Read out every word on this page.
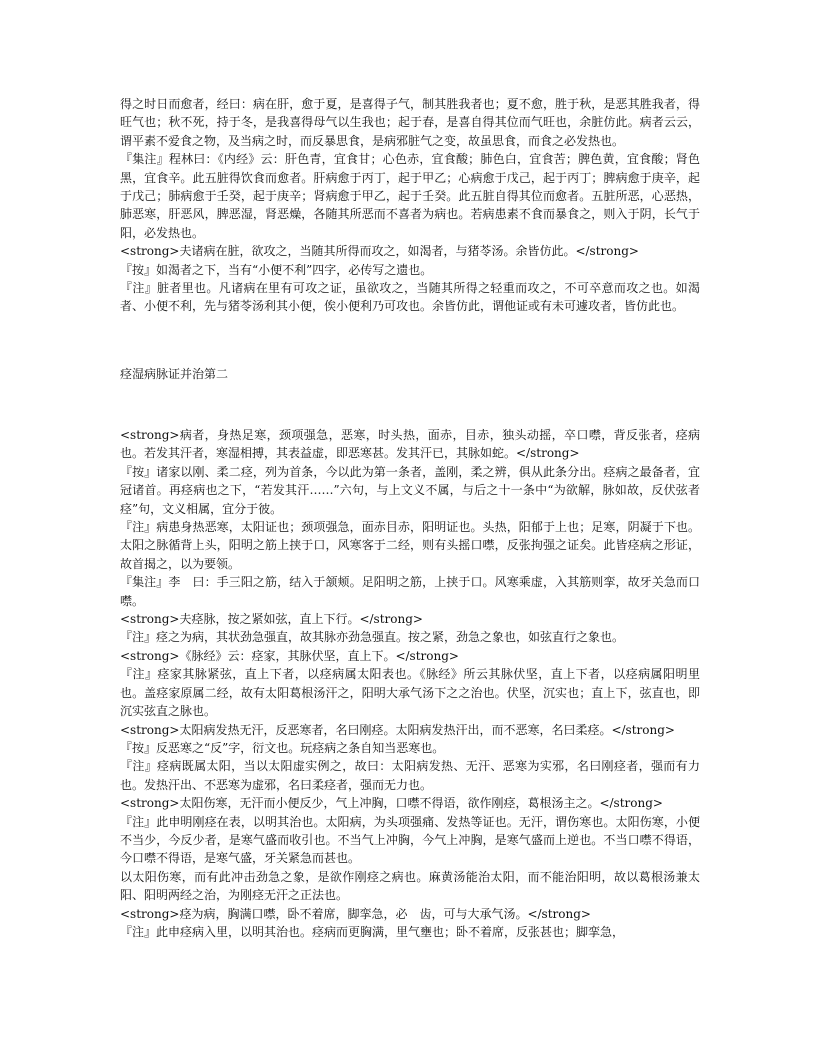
得之时日而愈者，经曰：病在肝，愈于夏，是喜得子气，制其胜我者也；夏不愈，胜于秋，是恶其胜我者，得旺气也；秋不死，持于冬，是我喜得母气以生我也；起于春，是喜自得其位而气旺也，余脏仿此。病者云云，谓平素不爱食之物，及当病之时，而反暴思食，是病邪脏气之变，故虽思食，而食之必发热也。

『集注』程林曰：《内经》云：肝色青，宜食甘；心色赤，宜食酸；肺色白，宜食苦；脾色黄，宜食酸；肾色黑，宜食辛。此五脏得饮食而愈者。肝病愈于丙丁，起于甲乙；心病愈于戊己，起于丙丁；脾病愈于庚辛，起于戊己；肺病愈于壬癸，起于庚辛；肾病愈于甲乙，起于壬癸。此五脏自得其位而愈者。五脏所恶，心恶热，肺恶寒，肝恶风，脾恶湿，肾恶燥，各随其所恶而不喜者为病也。若病患素不食而暴食之，则入于阴，长气于阳，必发热也。

<strong>夫诸病在脏，欲攻之，当随其所得而攻之，如渴者，与猪苓汤。余皆仿此。</strong>

『按』如渴者之下，当有“小便不利”四字，必传写之遗也。

『注』脏者里也。凡诸病在里有可攻之证，虽欲攻之，当随其所得之轻重而攻之，不可卒意而攻之也。如渴者、小便不利，先与猪苓汤利其小便，俟小便利乃可攻也。余皆仿此，谓他证或有未可遽攻者，皆仿此也。

痉湿病脉证并治第二

<strong>病者，身热足寒，颈项强急，恶寒，时头热，面赤，目赤，独头动摇，卒口噤，背反张者，痉病也。若发其汗者，寒湿相搏，其表益虚，即恶寒甚。发其汗已，其脉如蛇。</strong>

『按』诸家以刚、柔二痉，列为首条，今以此为第一条者，盖刚，柔之辨，俱从此条分出。痉病之最备者，宜冠诸首。再痉病也之下，“若发其汗……”六句，与上文义不属，与后之十一条中“为欲解，脉如故，反伏弦者痉”句，文义相属，宜分于彼。

『注』病患身热恶寒，太阳证也；颈项强急，面赤目赤，阳明证也。头热，阳郁于上也；足寒，阴凝于下也。太阳之脉循背上头，阳明之筋上挟于口，风寒客于二经，则有头摇口噤，反张拘强之证矣。此皆痉病之形证，故首揭之，以为要领。

『集注』李　曰：手三阳之筋，结入于颔颊。足阳明之筋，上挟于口。风寒乘虚，入其筋则挛，故牙关急而口噤。

<strong>夫痉脉，按之紧如弦，直上下行。</strong>

『注』痉之为病，其状劲急强直，故其脉亦劲急强直。按之紧，劲急之象也，如弦直行之象也。

<strong>《脉经》云：痉家，其脉伏坚，直上下。</strong>

『注』痉家其脉紧弦，直上下者，以痉病属太阳表也。《脉经》所云其脉伏坚，直上下者，以痉病属阳明里也。盖痉家原属二经，故有太阳葛根汤汗之，阳明大承气汤下之之治也。伏坚，沉实也；直上下，弦直也，即沉实弦直之脉也。

<strong>太阳病发热无汗，反恶寒者，名曰刚痉。太阳病发热汗出，而不恶寒，名曰柔痉。</strong>

『按』反恶寒之“反”字，衍文也。玩痉病之条自知当恶寒也。

『注』痉病既属太阳，当以太阳虚实例之，故曰：太阳病发热、无汗、恶寒为实邪，名曰刚痉者，强而有力也。发热汗出、不恶寒为虚邪，名曰柔痉者，强而无力也。

<strong>太阳伤寒，无汗而小便反少，气上冲胸，口噤不得语，欲作刚痉，葛根汤主之。</strong>

『注』此申明刚痉在表，以明其治也。太阳病，为头项强痛、发热等证也。无汗，谓伤寒也。太阳伤寒，小便不当少，今反少者，是寒气盛而收引也。不当气上冲胸，今气上冲胸，是寒气盛而上逆也。不当口噤不得语，今口噤不得语，是寒气盛，牙关紧急而甚也。

以太阳伤寒，而有此冲击劲急之象，是欲作刚痉之病也。麻黄汤能治太阳，而不能治阳明，故以葛根汤兼太阳、阳明两经之治，为刚痉无汗之正法也。

<strong>痉为病，胸满口噤，卧不着席，脚挛急，必　齿，可与大承气汤。</strong>

『注』此申痉病入里，以明其治也。痉病而更胸满，里气壅也；卧不着席，反张甚也；脚挛急，
